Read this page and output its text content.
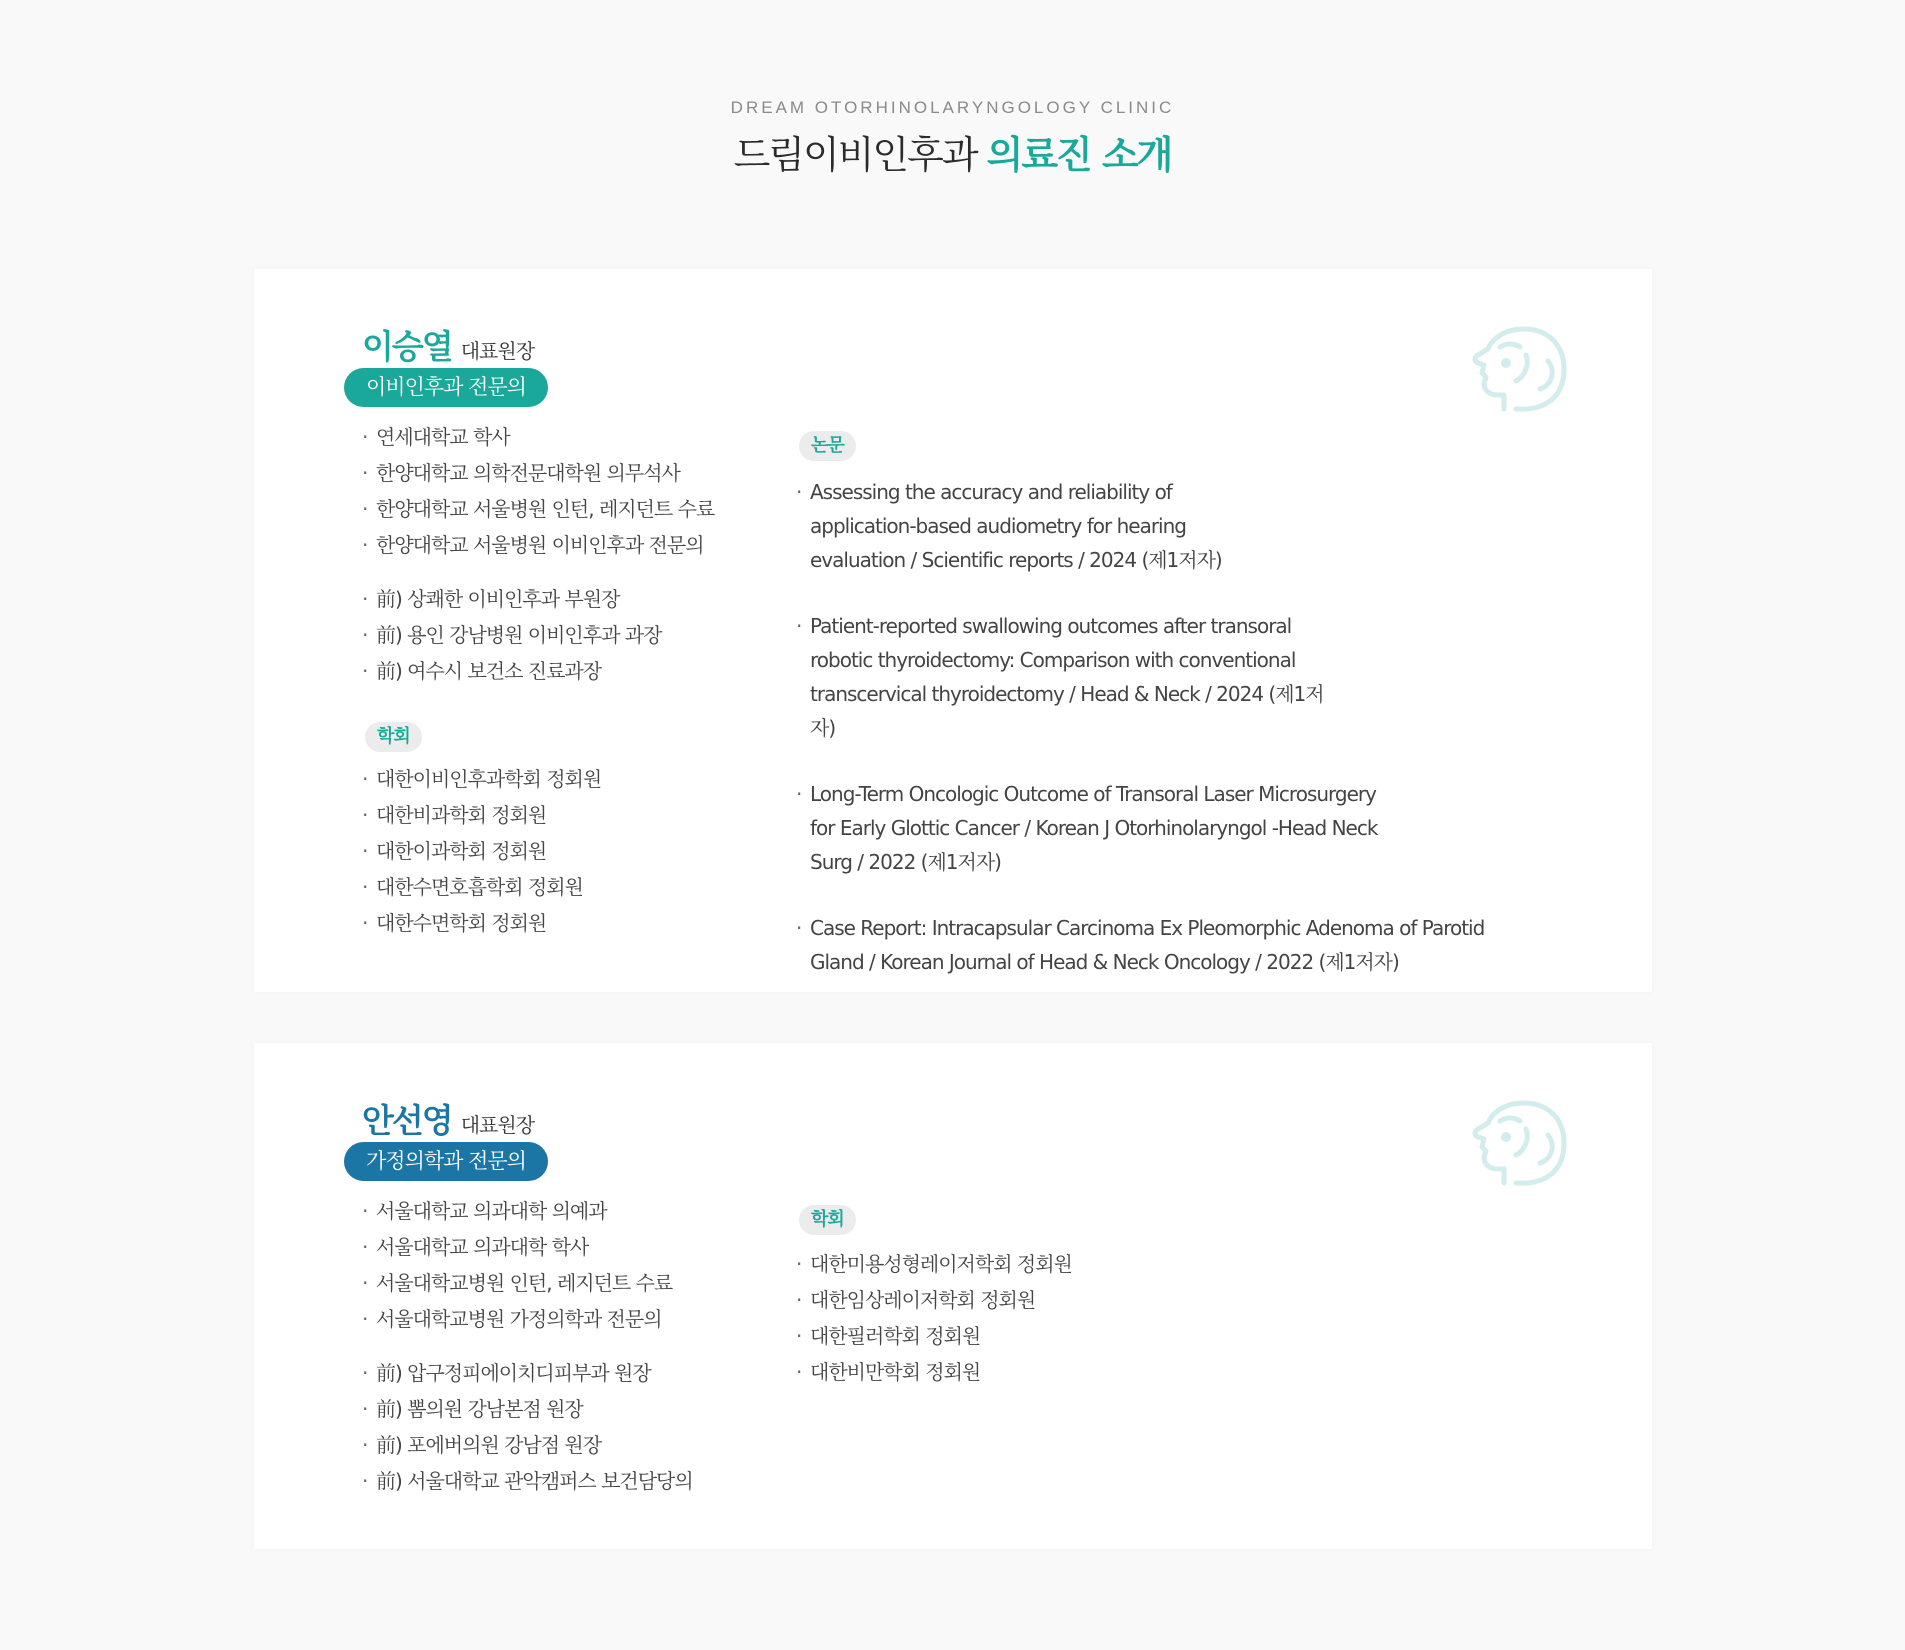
DREAM OTORHINOLARYNGOLOGY CLINIC
드림이비인후과 의료진 소개
이승열 대표원장
이비인후과 전문의
· 연세대학교 학사
· 한양대학교 의학전문대학원 의무석사
· 한양대학교 서울병원 인턴, 레지던트 수료
· 한양대학교 서울병원 이비인후과 전문의
· 前) 상쾌한 이비인후과 부원장
· 前) 용인 강남병원 이비인후과 과장
· 前) 여수시 보건소 진료과장
학회
· 대한이비인후과학회 정회원
· 대한비과학회 정회원
· 대한이과학회 정회원
· 대한수면호흡학회 정회원
· 대한수면학회 정회원
논문
· Assessing the accuracy and reliability of application-based audiometry for hearing evaluation / Scientific reports / 2024 (제1저자)
· Patient-reported swallowing outcomes after transoral robotic thyroidectomy: Comparison with conventional transcervical thyroidectomy / Head & Neck / 2024 (제1저자)
· Long-Term Oncologic Outcome of Transoral Laser Microsurgery for Early Glottic Cancer / Korean J Otorhinolaryngol -Head Neck Surg / 2022 (제1저자)
· Case Report: Intracapsular Carcinoma Ex Pleomorphic Adenoma of Parotid Gland / Korean Journal of Head & Neck Oncology / 2022 (제1저자)
안선영 대표원장
가정의학과 전문의
· 서울대학교 의과대학 의예과
· 서울대학교 의과대학 학사
· 서울대학교병원 인턴, 레지던트 수료
· 서울대학교병원 가정의학과 전문의
· 前) 압구정피에이치디피부과 원장
· 前) 뽐의원 강남본점 원장
· 前) 포에버의원 강남점 원장
· 前) 서울대학교 관악캠퍼스 보건담당의
학회
· 대한미용성형레이저학회 정회원
· 대한임상레이저학회 정회원
· 대한필러학회 정회원
· 대한비만학회 정회원
